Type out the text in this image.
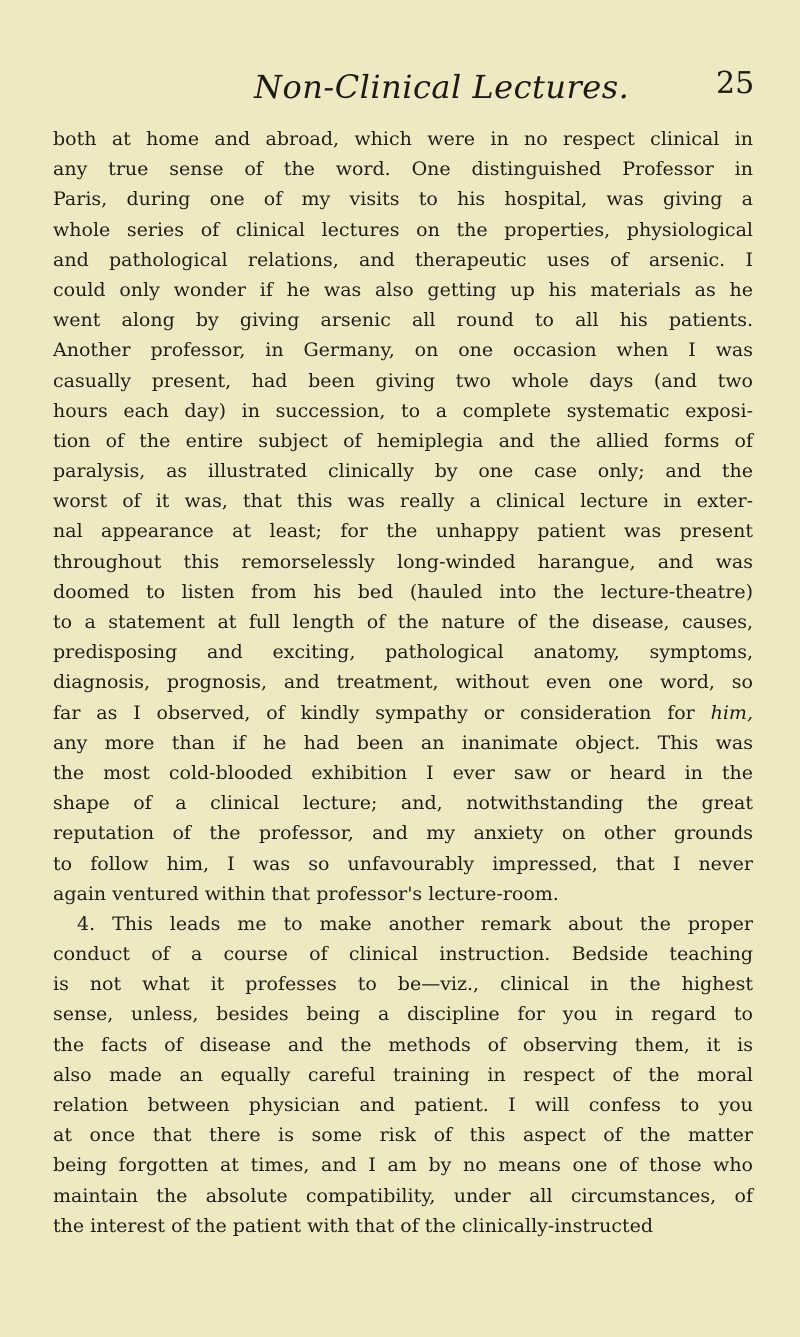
Non-Clinical Lectures.	25
both at home and abroad, which were in no respect clinical in
any true sense of the word. One distinguished Professor in
Paris, during one of my visits to his hospital, was giving a
whole series of clinical lectures on the properties, physiological
and pathological relations, and therapeutic uses of arsenic. I
could only wonder if he was also getting up his materials as he
went along by giving arsenic all round to all his patients.
Another professor, in Germany, on one occasion when I was
casually present, had been giving two whole days (and two
hours each day) in succession, to a complete systematic exposi-
tion of the entire subject of hemiplegia and the allied forms of
paralysis, as illustrated clinically by one case only; and the
worst of it was, that this was really a clinical lecture in exter-
nal appearance at least; for the unhappy patient was present
throughout this remorselessly long-winded harangue, and was
doomed to listen from his bed (hauled into the lecture-theatre)
to a statement at full length of the nature of the disease, causes,
predisposing and exciting, pathological anatomy, symptoms,
diagnosis, prognosis, and treatment, without even one word, so
far as I observed, of kindly sympathy or consideration for him,
any more than if he had been an inanimate object. This was
the most cold-blooded exhibition I ever saw or heard in the
shape of a clinical lecture; and, notwithstanding the great
reputation of the professor, and my anxiety on other grounds
to follow him, I was so unfavourably impressed, that I never
again ventured within that professor's lecture-room.
4. This leads me to make another remark about the proper
conduct of a course of clinical instruction. Bedside teaching
is not what it professes to be—viz., clinical in the highest
sense, unless, besides being a discipline for you in regard to
the facts of disease and the methods of observing them, it is
also made an equally careful training in respect of the moral
relation between physician and patient. I will confess to you
at once that there is some risk of this aspect of the matter
being forgotten at times, and I am by no means one of those who
maintain the absolute compatibility, under all circumstances, of
the interest of the patient with that of the clinically-instructed
